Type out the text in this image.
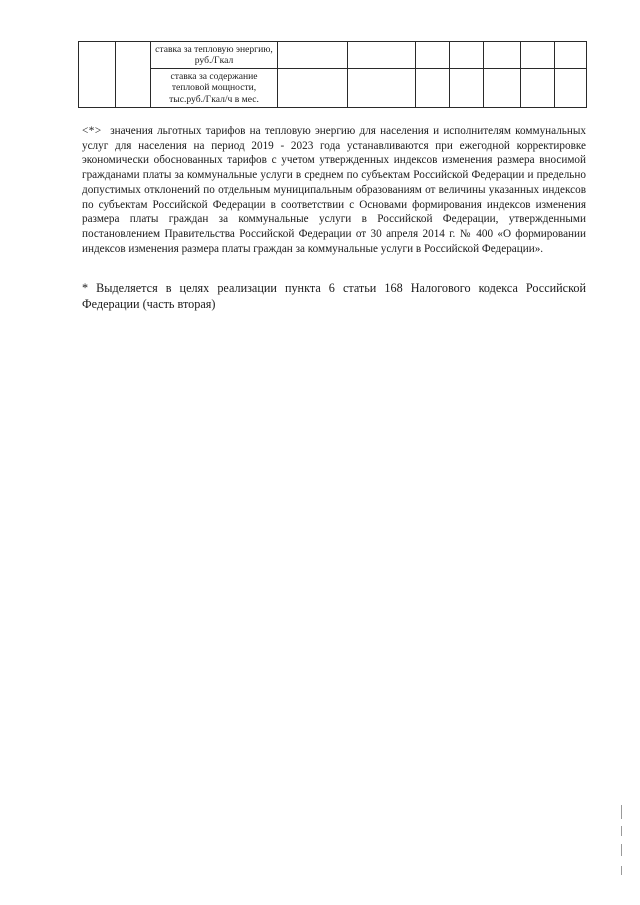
		ставка за тепловую энергию, руб./Гкал							
		ставка за содержание тепловой мощности, тыс.руб./Гкал/ч в мес.							

<*> значения льготных тарифов на тепловую энергию для населения и исполнителям коммунальных услуг для населения на период 2019 - 2023 года устанавливаются при ежегодной корректировке экономически обоснованных тарифов с учетом утвержденных индексов изменения размера вносимой гражданами платы за коммунальные услуги в среднем по субъектам Российской Федерации и предельно допустимых отклонений по отдельным муниципальным образованиям от величины указанных индексов по субъектам Российской Федерации в соответствии с Основами формирования индексов изменения размера платы граждан за коммунальные услуги в Российской Федерации, утвержденными постановлением Правительства Российской Федерации от 30 апреля 2014 г. № 400 «О формировании индексов изменения размера платы граждан за коммунальные услуги в Российской Федерации».

* Выделяется в целях реализации пункта 6 статьи 168 Налогового кодекса Российской Федерации (часть вторая)
